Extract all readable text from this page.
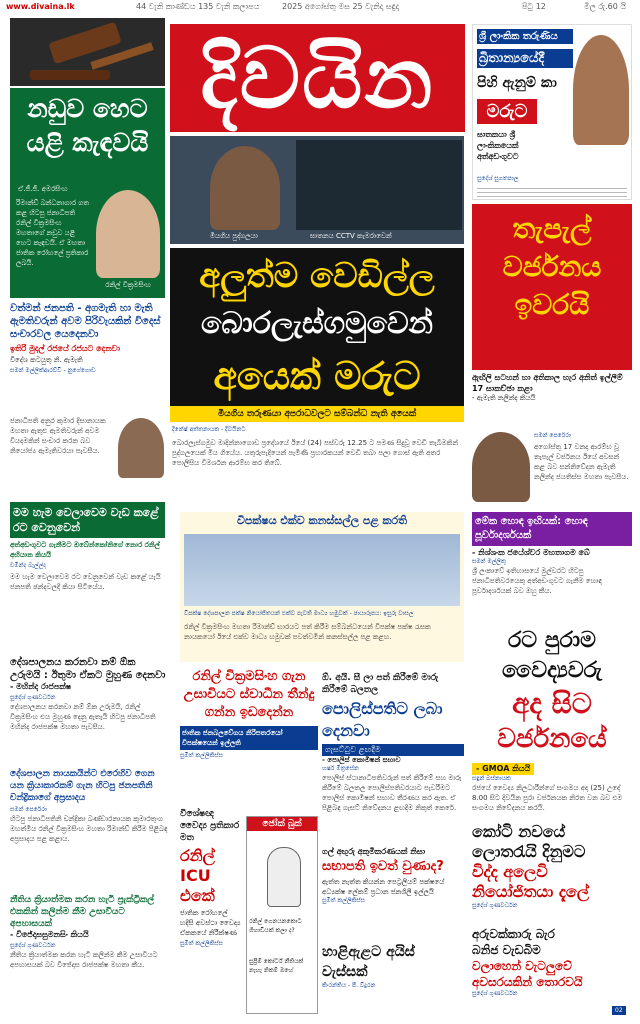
www.divaina.lk	44 වැනි කාණ්ඩය 135 වැනි කලාපය	2025 අගෝස්තු මස 25 වැනිදා සඳුදා	පිටු 12	මිල රු.60 යි
දිවයින
නඩුව හෙට යළි කැඳවයි
ඒ.ජී.ජී. අමරසිංහ
රිමාන්ඩ් බන්ධනාගාර ගත කළ හිටපු ජනාධිපති රනිල් වික්‍රමසිංහ මහතාගේ නඩුව යළි හෙට කැඳවයි. ඒ මහතා ජාතික රෝහලේ ප්‍රතිකාර ලබයි.
රනිල් වික්‍රමසිංහ
ශ්‍රී ලාංකික තරුණිය
බ්‍රිතාන්‍යයේදී
පිහි ඇනුම් කා
මරුට
ඝාතකයා ශ්‍රී ලාංකිකයෙක් අත්අඩංගුවට
සුදේශ් සුගතපාල
මියගිය පුද්ගලයා	ඝාතනය CCTV කැමරාවෙන්
අලුත්ම වෙඩිල්ල
බොරලැස්ගමුවෙන්
අයෙක් මරුට
මියගිය තරුණයා අපරාධවලට සම්බන්ධ නැති අයෙක්
දිනේෂ් අත්තනායක - දිවයිනට
බොරලැස්ගමුව මාදින්නාගොඩ ප්‍රදේශයේ ඊයේ (24) පස්වරු 12.25 ට පමණ සිදුවූ වෙඩි තැබීමකින් පුද්ගලයෙක් මිය ගියේය. යතුරුපැදියෙන් පැමිණි ප්‍රහාරකයන් වෙඩි තබා පලා ගොස් ඇති අතර පොලිසිය විමර්ශන ආරම්භ කර තිබේ.
වත්මන් ජනපති - අගමැති හා මැති ඇමතිවරුන් අවම පිරිවැයකින් විදෙස් සංචාරවල යෙදෙනවා
ඉතිරි මුදල් රජයේ රජයට දෙනවා
විදේශ කටයුතු නි. ඇමැති
සමන් මල්ලික්ආරච්චි - නුගේගොඩ
ජනාධිපති අනුර කුමාර දිසානායක මහතා ඇතුළු ඇමතිවරුන් අවම වියදමකින් සංචාර කරන බව නියෝජ්‍ය ඇමැතිවරයා පැවසීය.
මම හැම වෙලාවෙම වැඩ කළේ රට වෙනුවෙන්
අත්අඩංගුවට ගැනීමට ඔබේන්කෝනිගේ නොර රනිල් අභියාන කියයි
චමින්ද බැල්ල්ද
මම හැම වෙලාවෙම රට වෙනුවෙන් වැඩ කළේ යැයි ජනපති ඡන්දවලදී කියා සිටියේය.
දේශපාලනය කරනවා නම් ඕක
උරුමයි : ඊතුමා ඒකට මුහුණ දෙනවා
- මහින්ද රාජපක්ෂ
සුදේශ් ගුණවර්ධන
දේශපාලනය කරනවා නම් ඕක උරුමයි, රනිල් වික්‍රමසිංහ එය මුහුණ දෙනු ඇතැයි හිටපු ජනාධිපති මහින්ද රාජපක්ෂ මහතා පැවසීය.
දේශපාලන නායකයින්ට එරෙහිව ගෙන යන ක්‍රියාකාරකම් ගැන හිටපු ජනපතිනි චන්ද්‍රිකාගේ අප්‍රසාදය
සමන් පෙරේරා
හිටපු ජනාධිපතිනි චන්ද්‍රිකා බණ්ඩාරනායක කුමාරතුංග මහත්මිය රනිල් වික්‍රමසිංහ මහතා රිමාන්ඩ් කිරීම පිළිබඳ අප්‍රසාදය පළ කළාය.
නීතිය ක්‍රියාත්මක කරන හැටි ප්‍රැක්ට්‍රිකල් එකකින් කලින්ම කීම උසාවියට අපහාසයක්
- විජේදාසසුමනසිං කියයි
සුදේශ් ගුණවර්ධන
නීතිය ක්‍රියාත්මක කරන හැටි කලින්ම කීම උසාවියට අපහාසයක් බව විජේදාස රාජපක්ෂ මහතා කීය.
විපක්ෂය එක්ව කනස්සල්ල පළ කරති
විපක්ෂ දේශපාලන පක්ෂ නියෝජිතයන් එක්ව පැවති මාධ්‍ය හමුවක් - ඡායාරූපය: ඉසුරු වාසල
රනිල් වික්‍රමසිංහ මහතා රිමාන්ඩ් භාරයට පත් කිරීම සම්බන්ධයෙන් විපක්ෂ පක්ෂ රැසක නායකයෝ ඊයේ එක්ව මාධ්‍ය හමුවක් පවත්වමින් කනස්සල්ල පළ කළහ.
රනිල් වික්‍රමසිංහ ගැන උසාවියට ස්වාධීන තීන්දු ගන්න ඉඩදෙන්න
ජාතික ජනබලවේගය නිරිපතරයෝ විපක්ෂයෙන් ඉල්ලති
සුමිත් කල්ලිකිස්ස
විශේෂඥ වෛද්‍ය ප්‍රතිකාර මත
රනිල් ICU එකේ
ජාතික රෝහලේ හදිසි අවස්ථා වෛද්‍ය ඒකකයේ නිරීක්ෂණ
සුමිත් කල්ලිකිස්ස
ජෝක් බුක්
රනිල් ගෙනයනකොට ගිහාඩියක් කලා ද?
සුප්‍රීම් කෝර්ට් නීතියක් නැහැ නිකම් ඔහේ
ඕ. අයි. සී ලා පත් කිරීමේ මාරු කිරීමේ බලතල
පොලිස්පතිට ලබා දෙනවා
ගැසට්ටුව ළඟදීම
- පොලිස් කොමිෂන් සභාව
හර්ෂ මිත්‍රසේන
පොලිස් ස්ථානාධිපතිවරුන් පත් කිරීමේ සහ මාරු කිරීමේ බලතල පොලිස්පතිවරයාට පැවරීමට පොලිස් කොමිෂන් සභාව තීරණය කර ඇත. ඒ පිළිබඳ ගැසට් නිවේදනය ළඟදීම නිකුත් කෙරේ.
ගල් අඟුරු අකුමීකරණයක් නිසා
සභාපති ඉවත් වුණාද?
ඇත්ත නැත්ත කියන්න පෙට්‍රලියම් පක්ෂයේ අධ්‍යක්ෂ ලේකම් ප්‍රධාන ජනශිලී ඉල්ලයි
සුමිත් කල්ලිකිස්ස
හාළිඇළට අයිස් වැස්සක්
කිංරන්තිය - පී. විදුරන
තැපැල් වර්ජනය ඉවරයි
ඇඟිලි සටහන් හා අතිකාල හැර අනිත් ඉල්ලීම් 17 සාකච්ඡා කළා
- ඇමැති නලින්ද කියයි
සමන් පෙරේරා
අගෝස්තු 17 වනදා ආරම්භ වූ තැපැල් වර්ජනය ඊයේ අවසන් කළ බව සන්නිවේදන ඇමැති නලින්ද ජයතිස්ස මහතා පැවසීය.
මේක හොඳ ඉඟියක්: හොඳ පූර්වාදර්ශයක්
- නිශ්ශංක ජයේශ්වර මහතාගම බේ
සමන් මල්ලිකු
ශ්‍රී ලංකාවේ ඉතිහාසයේ මුල්වරට හිටපු ජනාධිපතිවරයෙකු අත්අඩංගුවට ගැනීම හොඳ පූර්වාදර්ශයක් බව ඔහු කීය.
රට පුරාම
වෛද්‍යවරු
අද සිට
වර්ජනයේ
- GMOA කියයි
සඳුන් බස්නායක
රජයේ වෛද්‍ය නිලධාරීන්ගේ සංගමය අද (25) උදේ 8.00 සිට දිවයින පුරා වර්ජනයක නිරත වන බව එම සංගමය නිවේදනය කරයි.
කෝටි නවයේ
ලොතරැයි දිනුමට
විද්ද අලෙවි
නියෝජිතයා දැලේ
සුදේශ් ගුණවර්ධන
අරුවක්කාරු බැර
බනිජ වැඩබිම
වලාහෙන් වැටලුවේ
අවසරයකින් තොරවයි
සුදේශ් ගුණවර්ධන
02
